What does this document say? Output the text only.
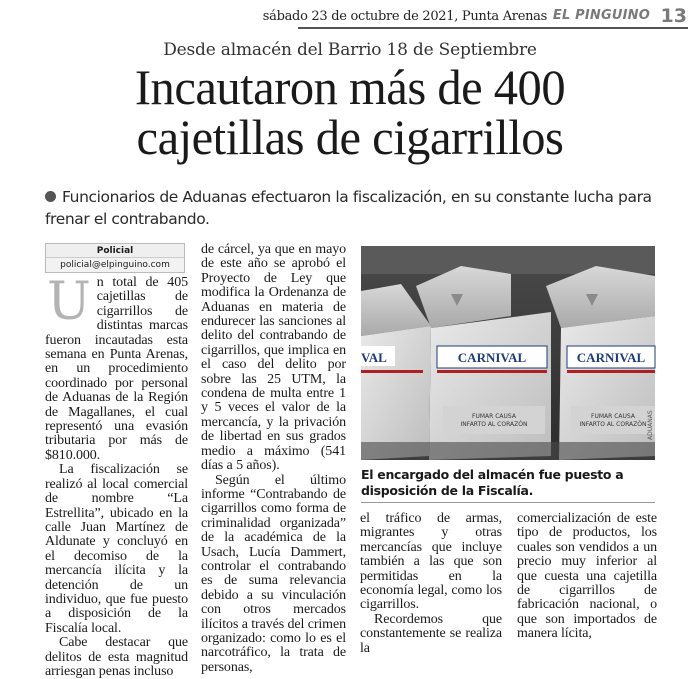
sábado 23 de octubre de 2021, Punta Arenas EL PINGUINO 13
Desde almacén del Barrio 18 de Septiembre
Incautaron más de 400
cajetillas de cigarrillos
Funcionarios de Aduanas efectuaron la fiscalización, en su constante lucha para frenar el contrabando.
Policial
policial@elpinguino.com

Un total de 405 cajetillas de cigarrillos de distintas marcas fueron incautadas esta semana en Punta Arenas, en un procedimiento coordinado por personal de Aduanas de la Región de Magallanes, el cual representó una evasión tributaria por más de $810.000.

La fiscalización se realizó al local comercial de nombre “La Estrellita”, ubicado en la calle Juan Martínez de Aldunate y concluyó en el decomiso de la mercancía ilícita y la detención de un individuo, que fue puesto a disposición de la Fiscalía local.

Cabe destacar que delitos de esta magnitud arriesgan penas incluso

de cárcel, ya que en mayo de este año se aprobó el Proyecto de Ley que modifica la Ordenanza de Aduanas en materia de endurecer las sanciones al delito del contrabando de cigarrillos, que implica en el caso del delito por sobre las 25 UTM, la condena de multa entre 1 y 5 veces el valor de la mercancía, y la privación de libertad en sus grados medio a máximo (541 días a 5 años).

Según el último informe “Contrabando de cigarrillos como forma de criminalidad organizada” de la académica de la Usach, Lucía Dammert, controlar el contrabando es de suma relevancia debido a su vinculación con otros mercados ilícitos a través del crimen organizado: como lo es el narcotráfico, la trata de personas,

VAL	CARNIVAL	CARNIVAL
FUMAR CAUSA
INFARTO AL CORAZÓN
FUMAR CAUSA
INFARTO AL CORAZÓN ADUANAS
El encargado del almacén fue puesto a disposición de la Fiscalía.

el tráfico de armas, migrantes y otras mercancías que incluye también a las que son permitidas en la economía legal, como los cigarrillos.

Recordemos que constantemente se realiza la

comercialización de este tipo de productos, los cuales son vendidos a un precio muy inferior al que cuesta una cajetilla de cigarrillos de fabricación nacional, o que son importados de manera lícita,
